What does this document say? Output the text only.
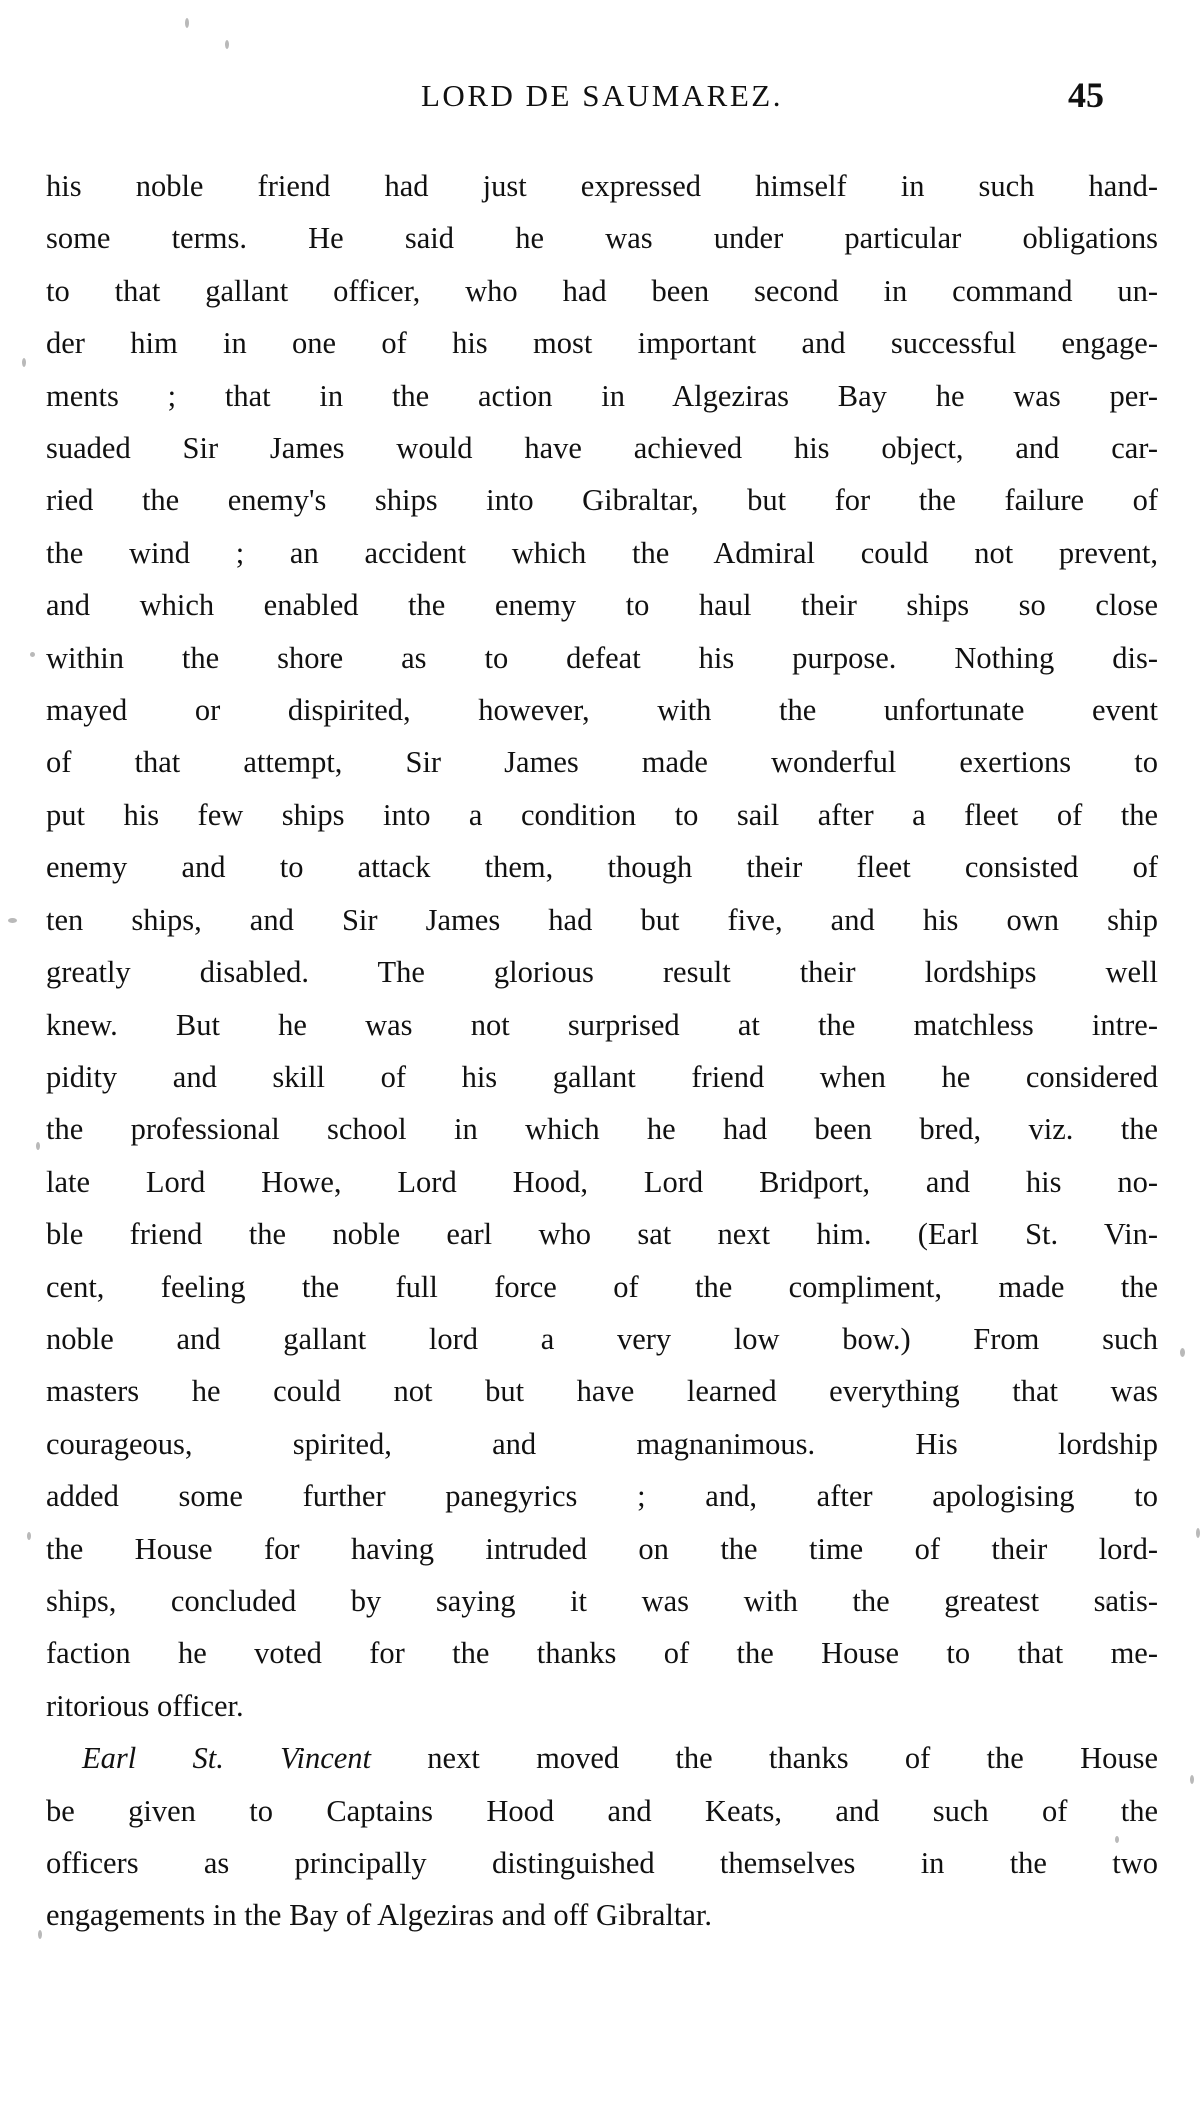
LORD DE SAUMAREZ.	45
his noble friend had just expressed himself in such hand-
some terms. He said he was under particular obligations
to that gallant officer, who had been second in command un-
der him in one of his most important and successful engage-
ments ; that in the action in Algeziras Bay he was per-
suaded Sir James would have achieved his object, and car-
ried the enemy's ships into Gibraltar, but for the failure of
the wind ; an accident which the Admiral could not prevent,
and which enabled the enemy to haul their ships so close
within the shore as to defeat his purpose. Nothing dis-
mayed or dispirited, however, with the unfortunate event
of that attempt, Sir James made wonderful exertions to
put his few ships into a condition to sail after a fleet of the
enemy and to attack them, though their fleet consisted of
ten ships, and Sir James had but five, and his own ship
greatly disabled. The glorious result their lordships well
knew. But he was not surprised at the matchless intre-
pidity and skill of his gallant friend when he considered
the professional school in which he had been bred, viz. the
late Lord Howe, Lord Hood, Lord Bridport, and his no-
ble friend the noble earl who sat next him. (Earl St. Vin-
cent, feeling the full force of the compliment, made the
noble and gallant lord a very low bow.) From such
masters he could not but have learned everything that was
courageous, spirited, and magnanimous. His lordship
added some further panegyrics ; and, after apologising to
the House for having intruded on the time of their lord-
ships, concluded by saying it was with the greatest satis-
faction he voted for the thanks of the House to that me-
ritorious officer.
Earl St. Vincent next moved the thanks of the House
be given to Captains Hood and Keats, and such of the
officers as principally distinguished themselves in the two
engagements in the Bay of Algeziras and off Gibraltar.
